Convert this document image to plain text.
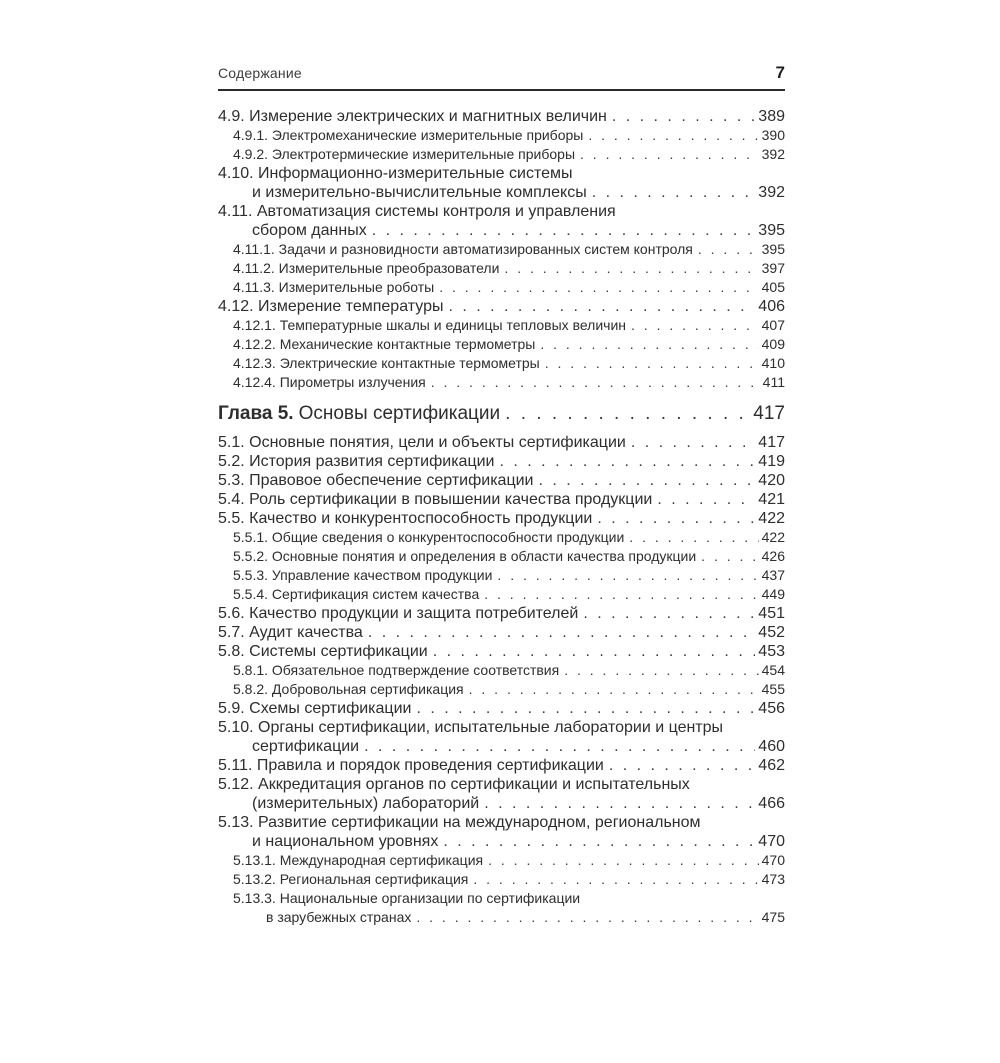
Содержание	7
4.9. Измерение электрических и магнитных величин . . .	389
4.9.1. Электромеханические измерительные приборы . . .	390
4.9.2. Электротермические измерительные приборы . . .	392
4.10. Информационно-измерительные системы
и измерительно-вычислительные комплексы . . .	392
4.11. Автоматизация системы контроля и управления
сбором данных . . .	395
4.11.1. Задачи и разновидности автоматизированных систем контроля . . .	395
4.11.2. Измерительные преобразователи . . .	397
4.11.3. Измерительные роботы . . .	405
4.12. Измерение температуры . . .	406
4.12.1. Температурные шкалы и единицы тепловых величин . . .	407
4.12.2. Механические контактные термометры . . .	409
4.12.3. Электрические контактные термометры . . .	410
4.12.4. Пирометры излучения . . .	411
Глава 5. Основы сертификации . . .	417
5.1. Основные понятия, цели и объекты сертификации . . .	417
5.2. История развития сертификации . . .	419
5.3. Правовое обеспечение сертификации . . .	420
5.4. Роль сертификации в повышении качества продукции . . .	421
5.5. Качество и конкурентоспособность продукции . . .	422
5.5.1. Общие сведения о конкурентоспособности продукции . . .	422
5.5.2. Основные понятия и определения в области качества продукции . . .	426
5.5.3. Управление качеством продукции . . .	437
5.5.4. Сертификация систем качества . . .	449
5.6. Качество продукции и защита потребителей . . .	451
5.7. Аудит качества . . .	452
5.8. Системы сертификации . . .	453
5.8.1. Обязательное подтверждение соответствия . . .	454
5.8.2. Добровольная сертификация . . .	455
5.9. Схемы сертификации . . .	456
5.10. Органы сертификации, испытательные лаборатории и центры
сертификации . . .	460
5.11. Правила и порядок проведения сертификации . . .	462
5.12. Аккредитация органов по сертификации и испытательных
(измерительных) лабораторий . . .	466
5.13. Развитие сертификации на международном, региональном
и национальном уровнях . . .	470
5.13.1. Международная сертификация . . .	470
5.13.2. Региональная сертификация . . .	473
5.13.3. Национальные организации по сертификации
в зарубежных странах . . .	475
